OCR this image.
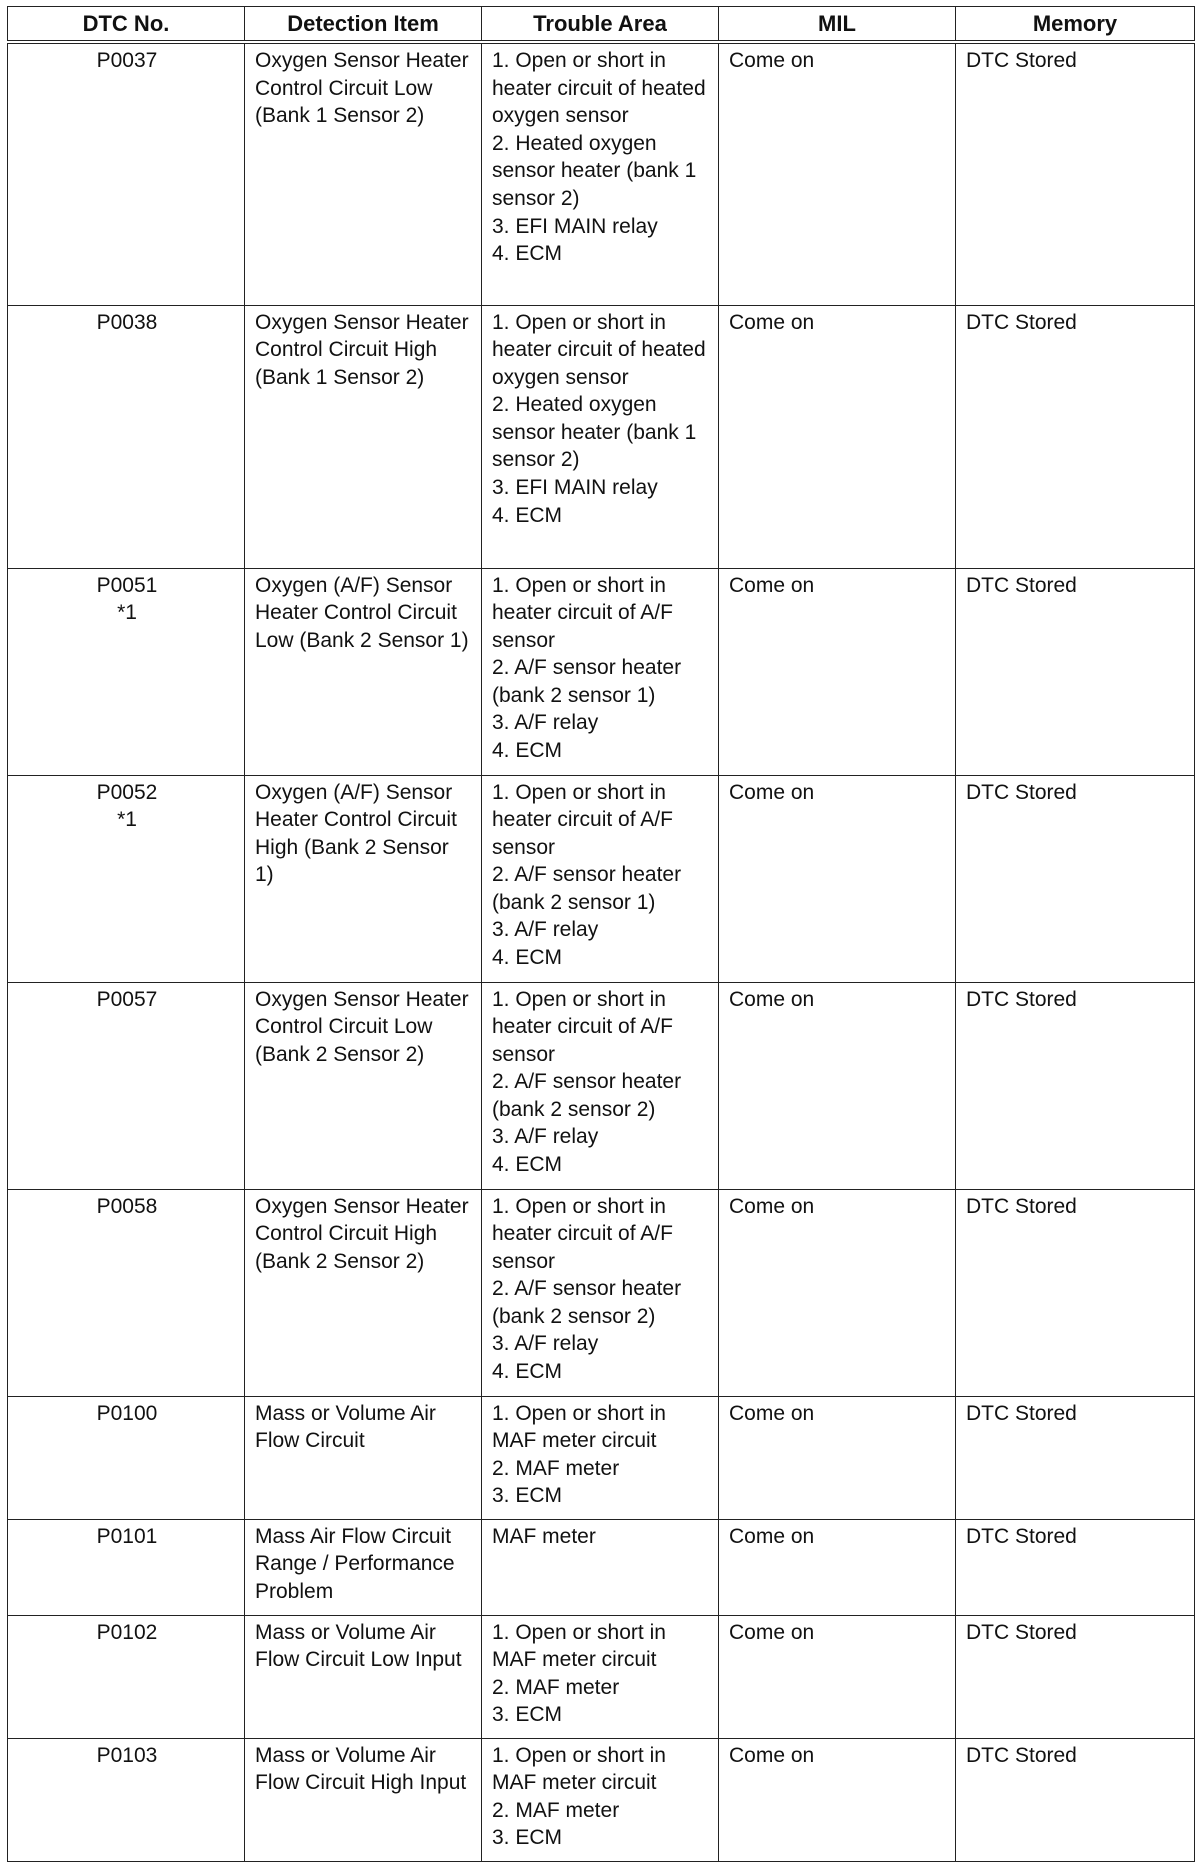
DTC No.	Detection Item	Trouble Area	MIL	Memory

P0037	Oxygen Sensor Heater Control Circuit Low (Bank 1 Sensor 2)	1. Open or short in heater circuit of heated oxygen sensor
2. Heated oxygen sensor heater (bank 1 sensor 2)
3. EFI MAIN relay
4. ECM	Come on	DTC Stored

P0038	Oxygen Sensor Heater Control Circuit High (Bank 1 Sensor 2)	1. Open or short in heater circuit of heated oxygen sensor
2. Heated oxygen sensor heater (bank 1 sensor 2)
3. EFI MAIN relay
4. ECM	Come on	DTC Stored

P0051
*1	Oxygen (A/F) Sensor Heater Control Circuit Low (Bank 2 Sensor 1)	1. Open or short in heater circuit of A/F sensor
2. A/F sensor heater (bank 2 sensor 1)
3. A/F relay
4. ECM	Come on	DTC Stored

P0052
*1	Oxygen (A/F) Sensor Heater Control Circuit High (Bank 2 Sensor 1)	1. Open or short in heater circuit of A/F sensor
2. A/F sensor heater (bank 2 sensor 1)
3. A/F relay
4. ECM	Come on	DTC Stored

P0057	Oxygen Sensor Heater Control Circuit Low (Bank 2 Sensor 2)	1. Open or short in heater circuit of A/F sensor
2. A/F sensor heater (bank 2 sensor 2)
3. A/F relay
4. ECM	Come on	DTC Stored

P0058	Oxygen Sensor Heater Control Circuit High (Bank 2 Sensor 2)	1. Open or short in heater circuit of A/F sensor
2. A/F sensor heater (bank 2 sensor 2)
3. A/F relay
4. ECM	Come on	DTC Stored

P0100	Mass or Volume Air Flow Circuit	1. Open or short in MAF meter circuit
2. MAF meter
3. ECM	Come on	DTC Stored

P0101	Mass Air Flow Circuit Range / Performance Problem	MAF meter	Come on	DTC Stored

P0102	Mass or Volume Air Flow Circuit Low Input	1. Open or short in MAF meter circuit
2. MAF meter
3. ECM	Come on	DTC Stored

P0103	Mass or Volume Air Flow Circuit High Input	1. Open or short in MAF meter circuit
2. MAF meter
3. ECM	Come on	DTC Stored
